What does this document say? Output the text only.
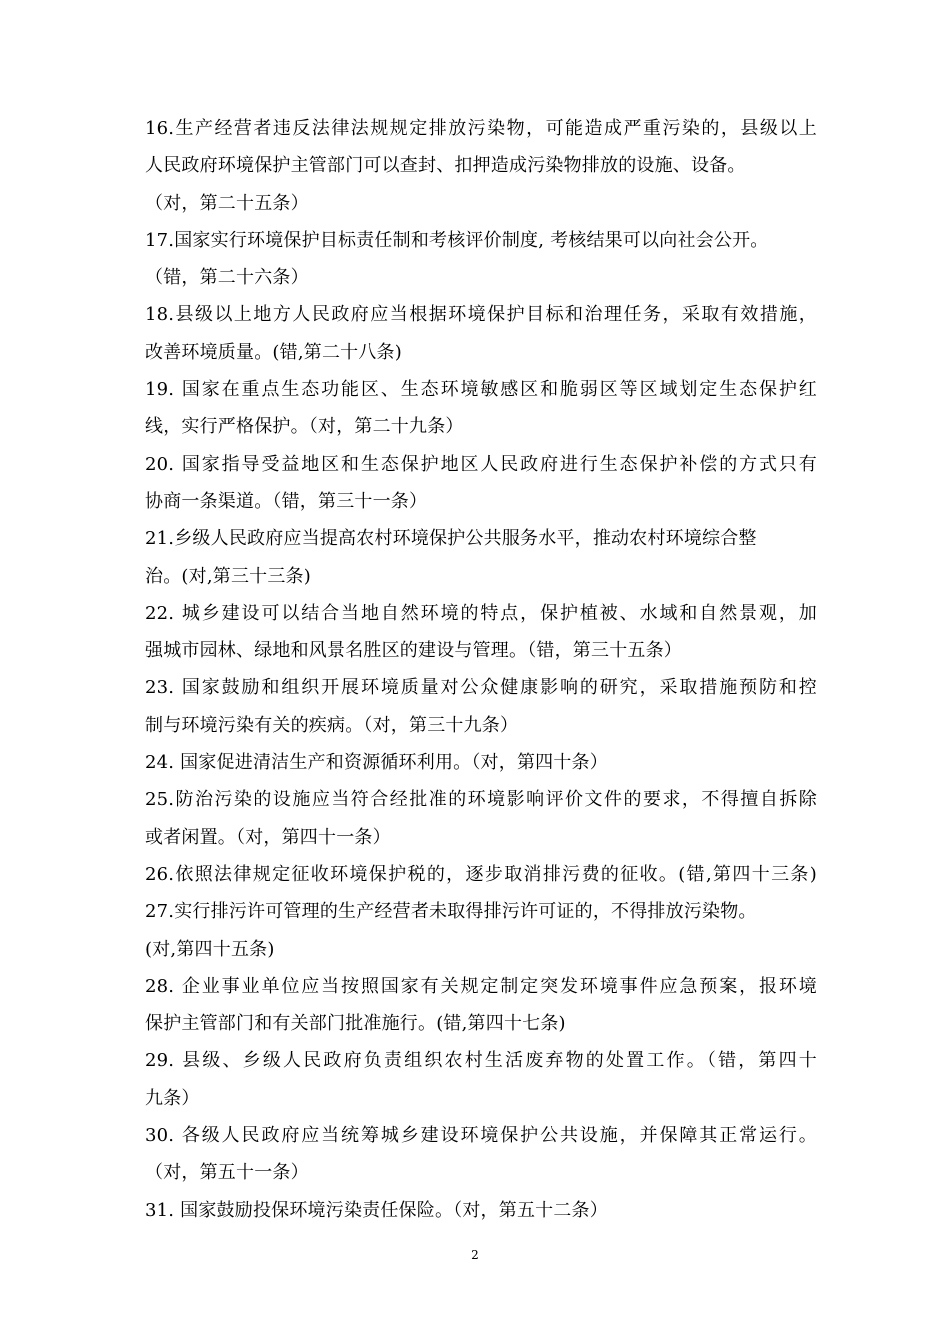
16.生产经营者违反法律法规规定排放污染物，可能造成严重污染的，县级以上
人民政府环境保护主管部门可以查封、扣押造成污染物排放的设施、设备。
（对，第二十五条）
17.国家实行环境保护目标责任制和考核评价制度, 考核结果可以向社会公开。
（错，第二十六条）
18.县级以上地方人民政府应当根据环境保护目标和治理任务，采取有效措施，
改善环境质量。(错,第二十八条)
19. 国家在重点生态功能区、生态环境敏感区和脆弱区等区域划定生态保护红
线，实行严格保护。（对，第二十九条）
20. 国家指导受益地区和生态保护地区人民政府进行生态保护补偿的方式只有
协商一条渠道。（错，第三十一条）
21.乡级人民政府应当提高农村环境保护公共服务水平，推动农村环境综合整
治。(对,第三十三条)
22. 城乡建设可以结合当地自然环境的特点，保护植被、水域和自然景观，加
强城市园林、绿地和风景名胜区的建设与管理。（错，第三十五条）
23. 国家鼓励和组织开展环境质量对公众健康影响的研究，采取措施预防和控
制与环境污染有关的疾病。（对，第三十九条）
24. 国家促进清洁生产和资源循环利用。（对，第四十条）
25.防治污染的设施应当符合经批准的环境影响评价文件的要求，不得擅自拆除
或者闲置。（对，第四十一条）
26.依照法律规定征收环境保护税的，逐步取消排污费的征收。(错,第四十三条)
27.实行排污许可管理的生产经营者未取得排污许可证的，不得排放污染物。
(对,第四十五条)
28. 企业事业单位应当按照国家有关规定制定突发环境事件应急预案，报环境
保护主管部门和有关部门批准施行。(错,第四十七条)
29. 县级、乡级人民政府负责组织农村生活废弃物的处置工作。（错，第四十
九条）
30. 各级人民政府应当统筹城乡建设环境保护公共设施，并保障其正常运行。
（对，第五十一条）
31. 国家鼓励投保环境污染责任保险。（对，第五十二条）
2
